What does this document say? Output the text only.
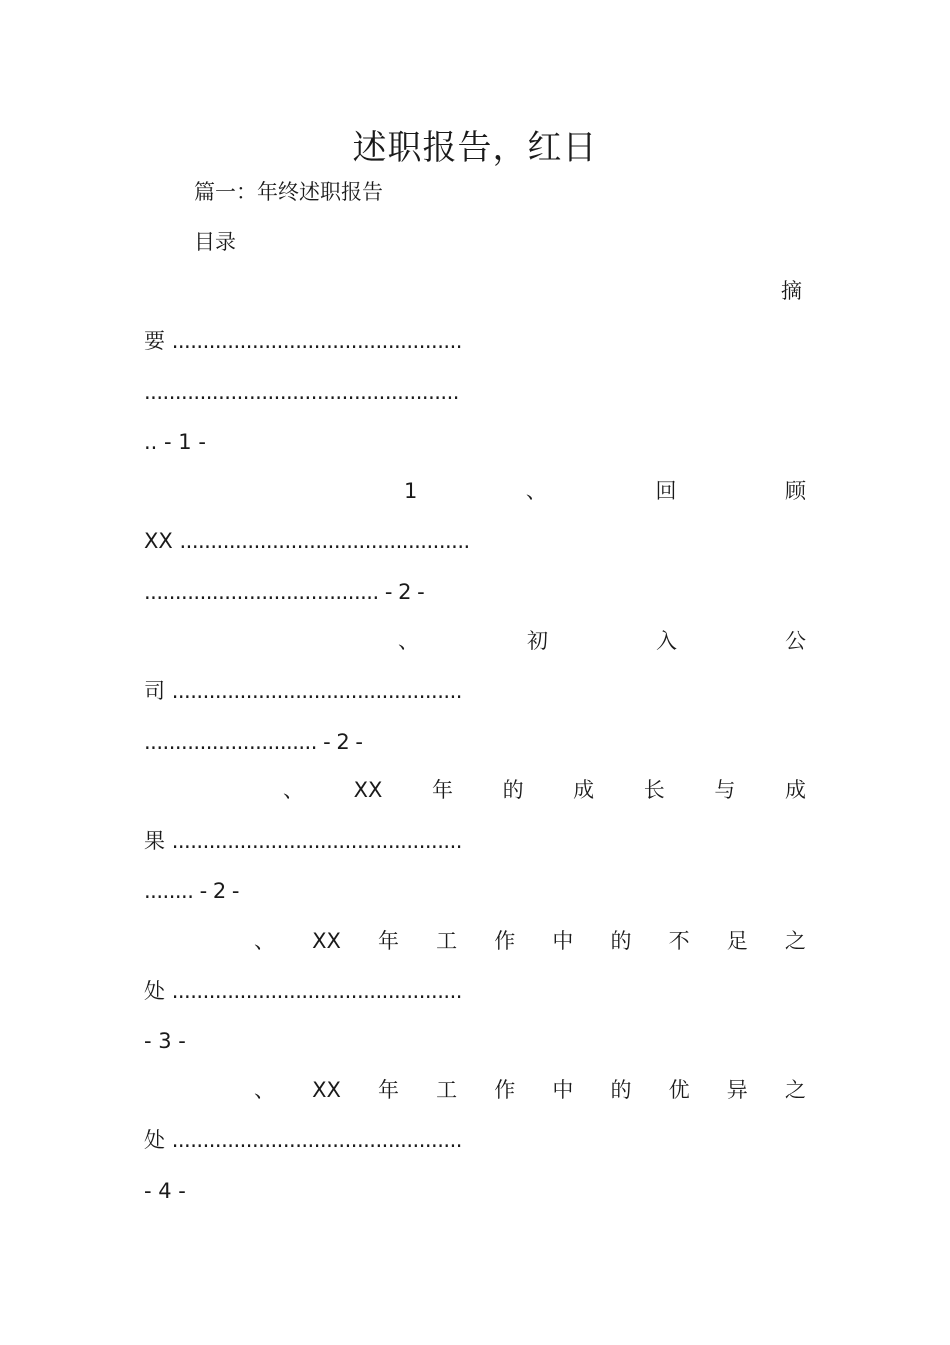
述职报告，红日
篇一：年终述职报告
目录
摘
要 ...............................................
...................................................
.. - 1 -
1	、	回	顾
XX ...............................................
...................................... - 2 -
、	初	入	公
司 ...............................................
............................ - 2 -
、 XX 年 的 成 长 与 成
果 ...............................................
........ - 2 -
、 XX 年 工 作 中 的 不 足 之
处 ...............................................
- 3 -
、 XX 年 工 作 中 的 优 异 之
处 ...............................................
- 4 -
